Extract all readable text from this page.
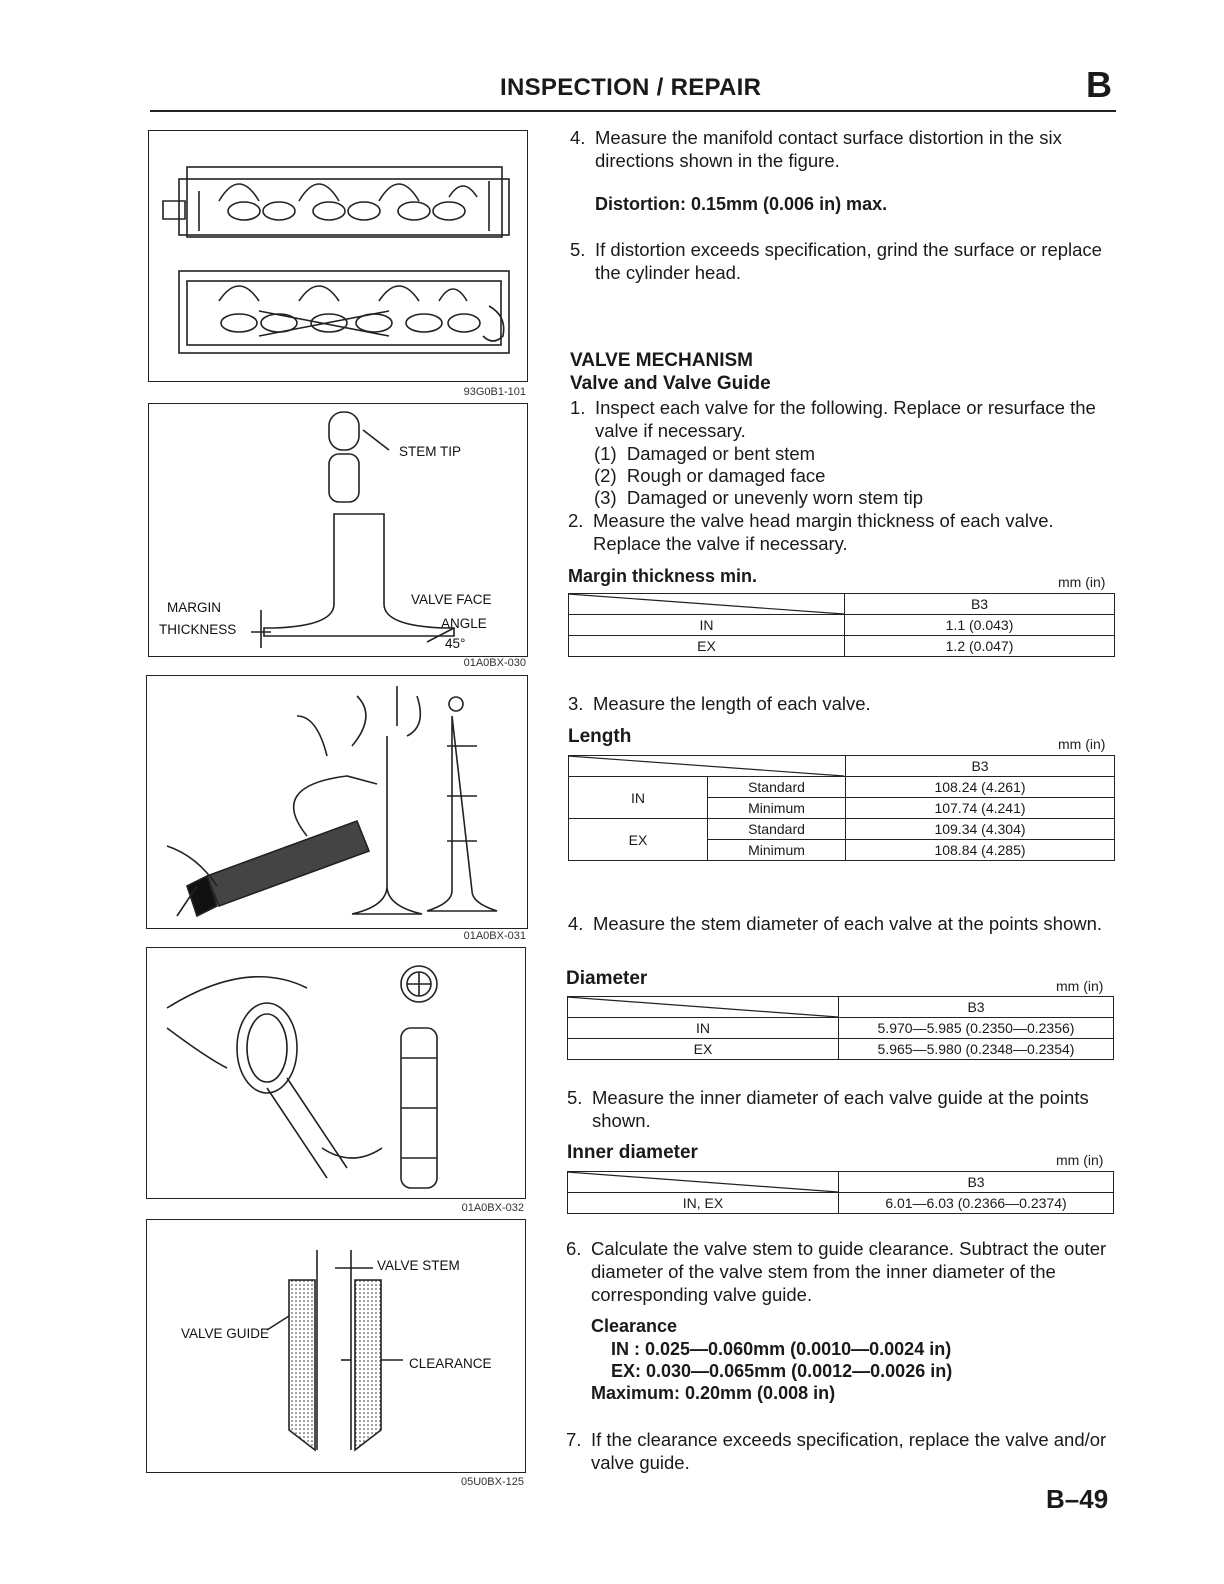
INSPECTION / REPAIR	B
93G0B1-101
STEM TIP
VALVE FACE
ANGLE
45°
MARGIN
THICKNESS
01A0BX-030
01A0BX-031
01A0BX-032
VALVE STEM
VALVE GUIDE
CLEARANCE
05U0BX-125
4. Measure the manifold contact surface distortion in the six directions shown in the figure.
Distortion: 0.15mm (0.006 in) max.
5. If distortion exceeds specification, grind the surface or replace the cylinder head.
VALVE MECHANISM
Valve and Valve Guide
1. Inspect each valve for the following. Replace or resurface the valve if necessary.
(1) Damaged or bent stem
(2) Rough or damaged face
(3) Damaged or unevenly worn stem tip
2. Measure the valve head margin thickness of each valve. Replace the valve if necessary.
Margin thickness min.	mm (in)
	B3
IN	1.1 (0.043)
EX	1.2 (0.047)
3. Measure the length of each valve.
Length	mm (in)
		B3
IN	Standard	108.24 (4.261)
	Minimum	107.74 (4.241)
EX	Standard	109.34 (4.304)
	Minimum	108.84 (4.285)
4. Measure the stem diameter of each valve at the points shown.
Diameter	mm (in)
	B3
IN	5.970—5.985 (0.2350—0.2356)
EX	5.965—5.980 (0.2348—0.2354)
5. Measure the inner diameter of each valve guide at the points shown.
Inner diameter	mm (in)
	B3
IN, EX	6.01—6.03 (0.2366—0.2374)
6. Calculate the valve stem to guide clearance. Subtract the outer diameter of the valve stem from the inner diameter of the corresponding valve guide.
Clearance
IN : 0.025—0.060mm (0.0010—0.0024 in)
EX: 0.030—0.065mm (0.0012—0.0026 in)
Maximum: 0.20mm (0.008 in)
7. If the clearance exceeds specification, replace the valve and/or valve guide.
B–49
